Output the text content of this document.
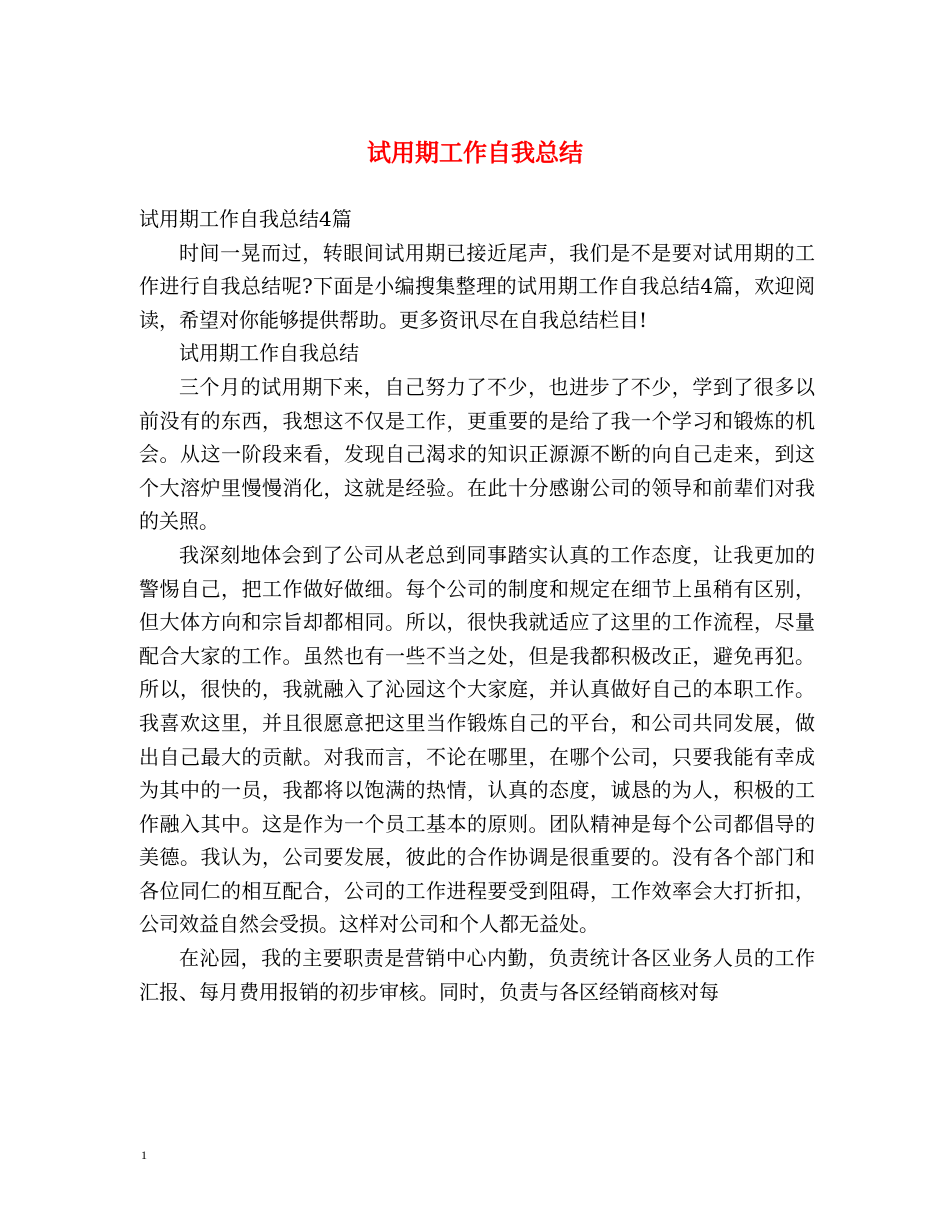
试用期工作自我总结

试用期工作自我总结4篇

时间一晃而过，转眼间试用期已接近尾声，我们是不是要对试用期的工作进行自我总结呢?下面是小编搜集整理的试用期工作自我总结4篇，欢迎阅读，希望对你能够提供帮助。更多资讯尽在自我总结栏目!

试用期工作自我总结

三个月的试用期下来，自己努力了不少，也进步了不少，学到了很多以前没有的东西，我想这不仅是工作，更重要的是给了我一个学习和锻炼的机会。从这一阶段来看，发现自己渴求的知识正源源不断的向自己走来，到这个大溶炉里慢慢消化，这就是经验。在此十分感谢公司的领导和前辈们对我的关照。

我深刻地体会到了公司从老总到同事踏实认真的工作态度，让我更加的警惕自己，把工作做好做细。每个公司的制度和规定在细节上虽稍有区别，但大体方向和宗旨却都相同。所以，很快我就适应了这里的工作流程，尽量配合大家的工作。虽然也有一些不当之处，但是我都积极改正，避免再犯。所以，很快的，我就融入了沁园这个大家庭，并认真做好自己的本职工作。我喜欢这里，并且很愿意把这里当作锻炼自己的平台，和公司共同发展，做出自己最大的贡献。对我而言，不论在哪里，在哪个公司，只要我能有幸成为其中的一员，我都将以饱满的热情，认真的态度，诚恳的为人，积极的工作融入其中。这是作为一个员工基本的原则。团队精神是每个公司都倡导的美德。我认为，公司要发展，彼此的合作协调是很重要的。没有各个部门和各位同仁的相互配合，公司的工作进程要受到阻碍，工作效率会大打折扣，公司效益自然会受损。这样对公司和个人都无益处。

在沁园，我的主要职责是营销中心内勤，负责统计各区业务人员的工作汇报、每月费用报销的初步审核。同时，负责与各区经销商核对每

1
